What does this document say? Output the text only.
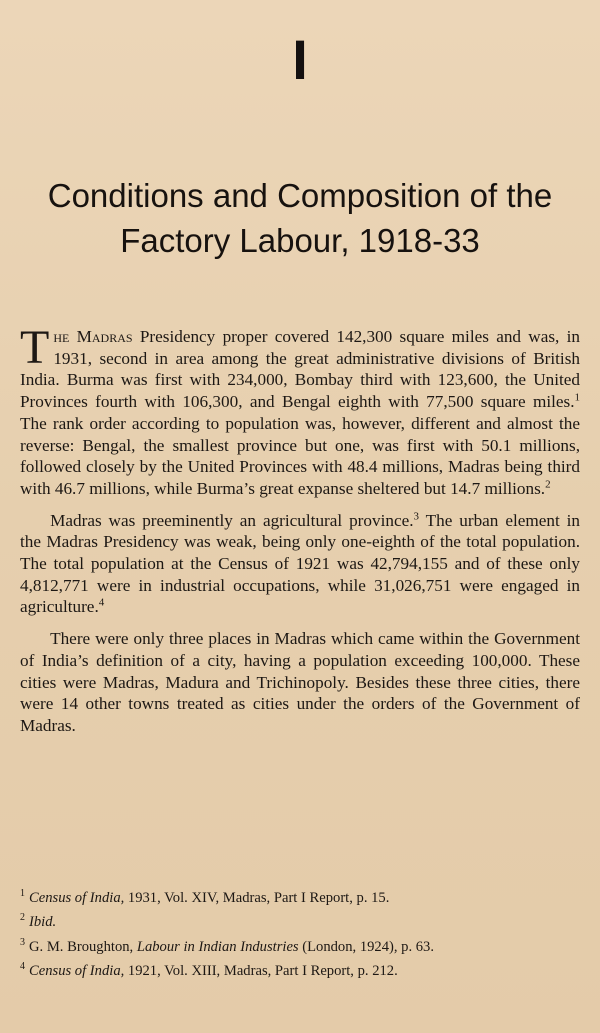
I
Conditions and Composition of the Factory Labour, 1918-33

The Madras Presidency proper covered 142,300 square miles and was, in 1931, second in area among the great administrative divisions of British India. Burma was first with 234,000, Bombay third with 123,600, the United Provinces fourth with 106,300, and Bengal eighth with 77,500 square miles.$^1$ The rank order according to population was, however, different and almost the reverse: Bengal, the smallest province but one, was first with 50.1 millions, followed closely by the United Provinces with 48.4 millions, Madras being third with 46.7 millions, while Burma’s great expanse sheltered but 14.7 millions.$^2$

Madras was preeminently an agricultural province.$^3$ The urban element in the Madras Presidency was weak, being only one-eighth of the total population. The total population at the Census of 1921 was 42,794,155 and of these only 4,812,771 were in industrial occupations, while 31,026,751 were engaged in agriculture.$^4$

There were only three places in Madras which came within the Government of India’s definition of a city, having a population exceeding 100,000. These cities were Madras, Madura and Trichinopoly. Besides these three cities, there were 14 other towns treated as cities under the orders of the Government of Madras.

$^1$ Census of India, 1931, Vol. XIV, Madras, Part I Report, p. 15.
$^2$ Ibid.
$^3$ G. M. Broughton, Labour in Indian Industries (London, 1924), p. 63.
$^4$ Census of India, 1921, Vol. XIII, Madras, Part I Report, p. 212.
